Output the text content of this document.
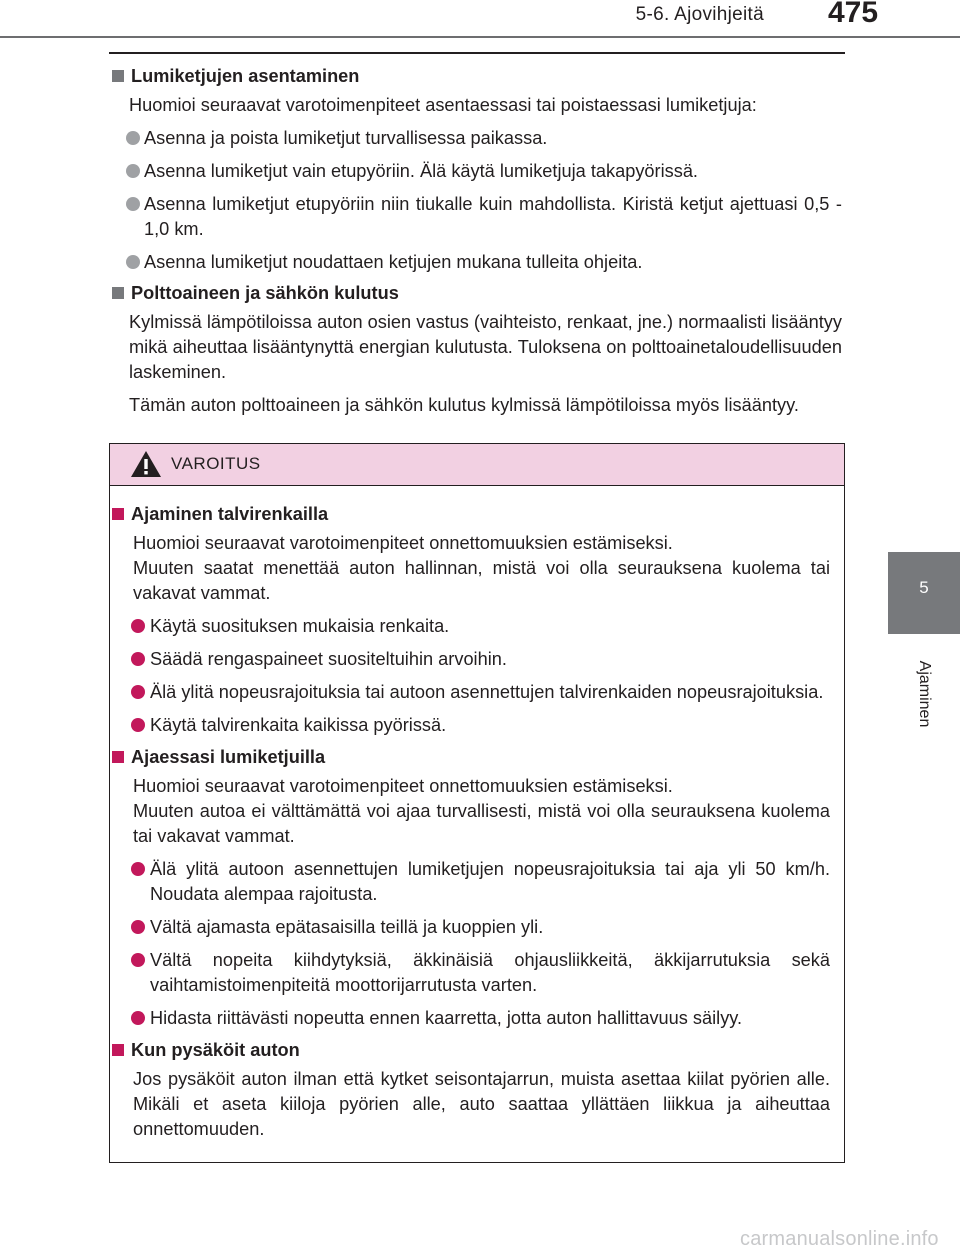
5-6. Ajovihjeitä 475
5
Ajaminen
Lumiketjujen asentaminen
Huomioi seuraavat varotoimenpiteet asentaessasi tai poistaessasi lumiketjuja:
Asenna ja poista lumiketjut turvallisessa paikassa.
Asenna lumiketjut vain etupyöriin. Älä käytä lumiketjuja takapyörissä.
Asenna lumiketjut etupyöriin niin tiukalle kuin mahdollista. Kiristä ketjut ajettuasi 0,5 - 1,0 km.
Asenna lumiketjut noudattaen ketjujen mukana tulleita ohjeita.
Polttoaineen ja sähkön kulutus
Kylmissä lämpötiloissa auton osien vastus (vaihteisto, renkaat, jne.) normaalisti lisääntyy mikä aiheuttaa lisääntynyttä energian kulutusta. Tuloksena on polttoainetaloudellisuuden laskeminen.
Tämän auton polttoaineen ja sähkön kulutus kylmissä lämpötiloissa myös lisääntyy.
VAROITUS
Ajaminen talvirenkailla
Huomioi seuraavat varotoimenpiteet onnettomuuksien estämiseksi.
Muuten saatat menettää auton hallinnan, mistä voi olla seurauksena kuolema tai vakavat vammat.
Käytä suosituksen mukaisia renkaita.
Säädä rengaspaineet suositeltuihin arvoihin.
Älä ylitä nopeusrajoituksia tai autoon asennettujen talvirenkaiden nopeusrajoituksia.
Käytä talvirenkaita kaikissa pyörissä.
Ajaessasi lumiketjuilla
Huomioi seuraavat varotoimenpiteet onnettomuuksien estämiseksi.
Muuten autoa ei välttämättä voi ajaa turvallisesti, mistä voi olla seurauksena kuolema tai vakavat vammat.
Älä ylitä autoon asennettujen lumiketjujen nopeusrajoituksia tai aja yli 50 km/h. Noudata alempaa rajoitusta.
Vältä ajamasta epätasaisilla teillä ja kuoppien yli.
Vältä nopeita kiihdytyksiä, äkkinäisiä ohjausliikkeitä, äkkijarrutuksia sekä vaihtamistoimenpiteitä moottorijarrutusta varten.
Hidasta riittävästi nopeutta ennen kaarretta, jotta auton hallittavuus säilyy.
Kun pysäköit auton
Jos pysäköit auton ilman että kytket seisontajarrun, muista asettaa kiilat pyörien alle. Mikäli et aseta kiiloja pyörien alle, auto saattaa yllättäen liikkua ja aiheuttaa onnettomuuden.
carmanualsonline.info
